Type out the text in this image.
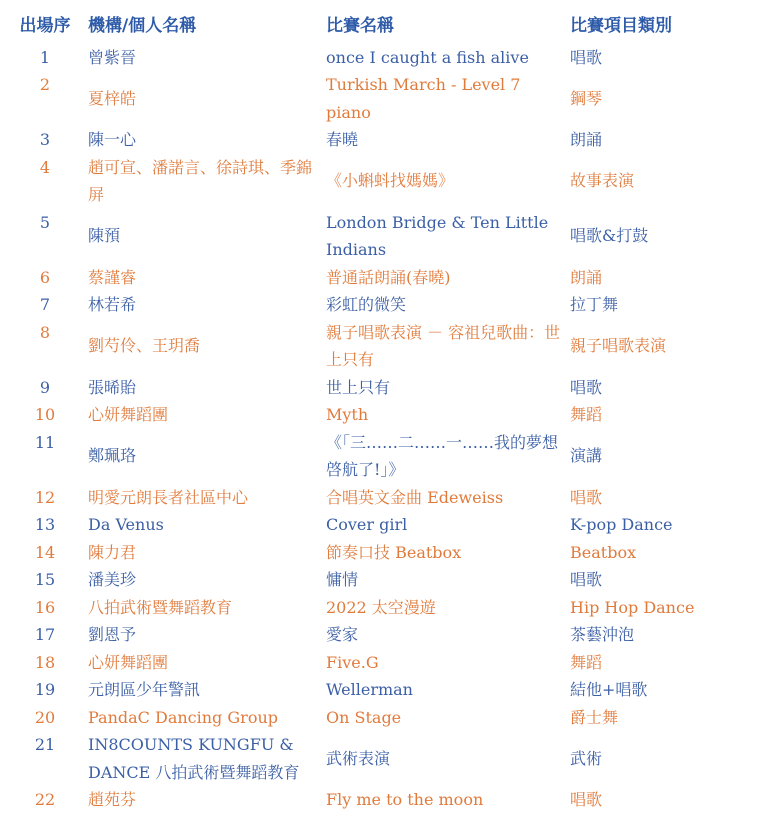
出場序	機構/個人名稱	比賽名稱	比賽項目類別
1	曾紫晉	once I caught a fish alive	唱歌
2	夏梓皓	Turkish March - Level 7 piano	鋼琴
3	陳一心	春曉	朗誦
4	趙可宣、潘諾言、徐詩琪、季錦屏	《小蝌蚪找媽媽》	故事表演
5	陳預	London Bridge & Ten Little Indians	唱歌&打鼓
6	蔡謹睿	普通話朗誦(春曉)	朗誦
7	林若希	彩虹的微笑	拉丁舞
8	劉芍伶、王玥喬	親子唱歌表演 － 容祖兒歌曲：世上只有	親子唱歌表演
9	張晞貽	世上只有	唱歌
10	心妍舞蹈團	Myth	舞蹈
11	鄭珮珞	《「三……二……一……我的夢想啓航了!」》	演講
12	明愛元朗長者社區中心	合唱英文金曲 Edeweiss	唱歌
13	Da Venus	Cover girl	K-pop Dance
14	陳力君	節奏口技 Beatbox	Beatbox
15	潘美珍	慵情	唱歌
16	八拍武術暨舞蹈教育	2022 太空漫遊	Hip Hop Dance
17	劉恩予	愛家	茶藝沖泡
18	心妍舞蹈團	Five.G	舞蹈
19	元朗區少年警訊	Wellerman	結他+唱歌
20	PandaC Dancing Group	On Stage	爵士舞
21	IN8COUNTS KUNGFU & DANCE 八拍武術暨舞蹈教育	武術表演	武術
22	趙苑芬	Fly me to the moon	唱歌
